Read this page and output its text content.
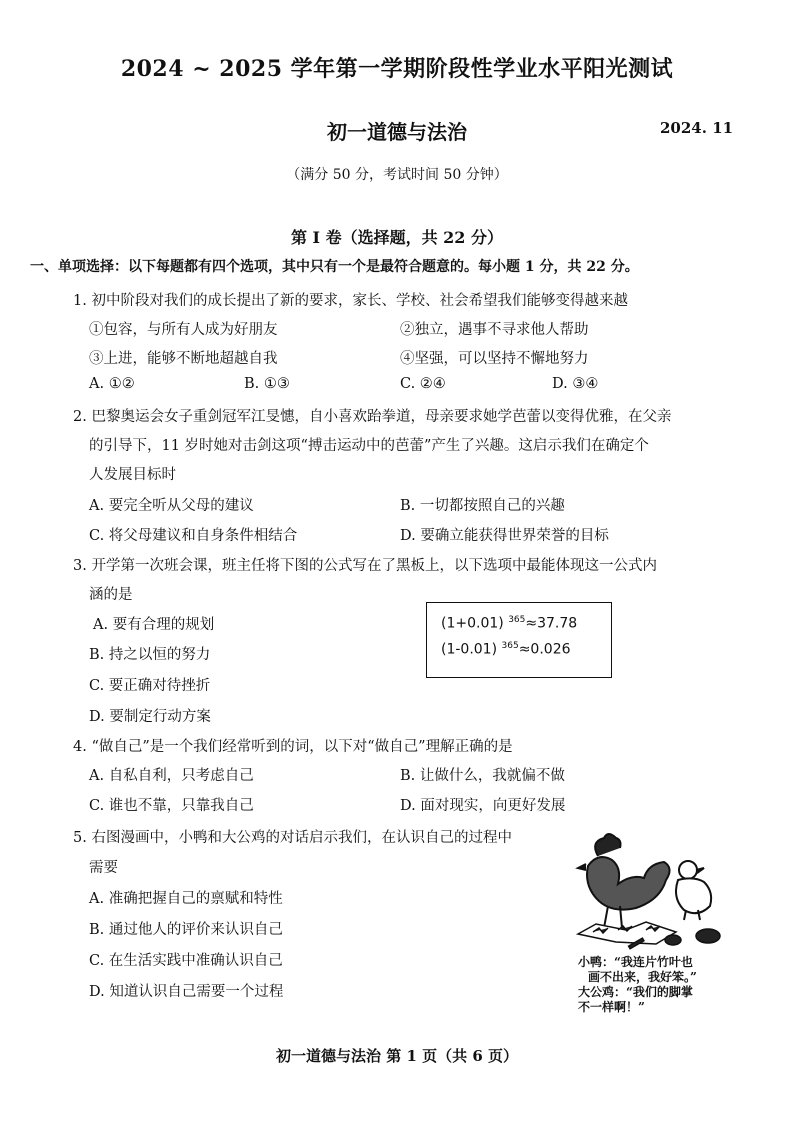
2024 ~ 2025 学年第一学期阶段性学业水平阳光测试
初一道德与法治	2024. 11
（满分 50 分，考试时间 50 分钟）
第 Ⅰ 卷（选择题，共 22 分）
一、单项选择：以下每题都有四个选项，其中只有一个是最符合题意的。每小题 1 分，共 22 分。
1. 初中阶段对我们的成长提出了新的要求，家长、学校、社会希望我们能够变得越来越
①包容，与所有人成为好朋友	②独立，遇事不寻求他人帮助
③上进，能够不断地超越自我	④坚强，可以坚持不懈地努力
A. ①②	B. ①③	C. ②④	D. ③④
2. 巴黎奥运会女子重剑冠军江旻憓，自小喜欢跆拳道，母亲要求她学芭蕾以变得优雅，在父亲
的引导下，11 岁时她对击剑这项“搏击运动中的芭蕾”产生了兴趣。这启示我们在确定个
人发展目标时
A. 要完全听从父母的建议	B. 一切都按照自己的兴趣
C. 将父母建议和自身条件相结合	D. 要确立能获得世界荣誉的目标
3. 开学第一次班会课，班主任将下图的公式写在了黑板上，以下选项中最能体现这一公式内
涵的是
A. 要有合理的规划
B. 持之以恒的努力
C. 要正确对待挫折
D. 要制定行动方案
(1+0.01) $^{365}$≈37.78
(1-0.01) $^{365}$≈0.026
4. “做自己”是一个我们经常听到的词，以下对“做自己”理解正确的是
A. 自私自利，只考虑自己	B. 让做什么，我就偏不做
C. 谁也不靠，只靠我自己	D. 面对现实，向更好发展
5. 右图漫画中，小鸭和大公鸡的对话启示我们，在认识自己的过程中
需要
A. 准确把握自己的禀赋和特性
B. 通过他人的评价来认识自己
C. 在生活实践中准确认识自己
D. 知道认识自己需要一个过程
小鸭：“我连片竹叶也
画不出来，我好笨。”
大公鸡：“我们的脚掌
不一样啊！”
初一道德与法治 第 1 页（共 6 页）
